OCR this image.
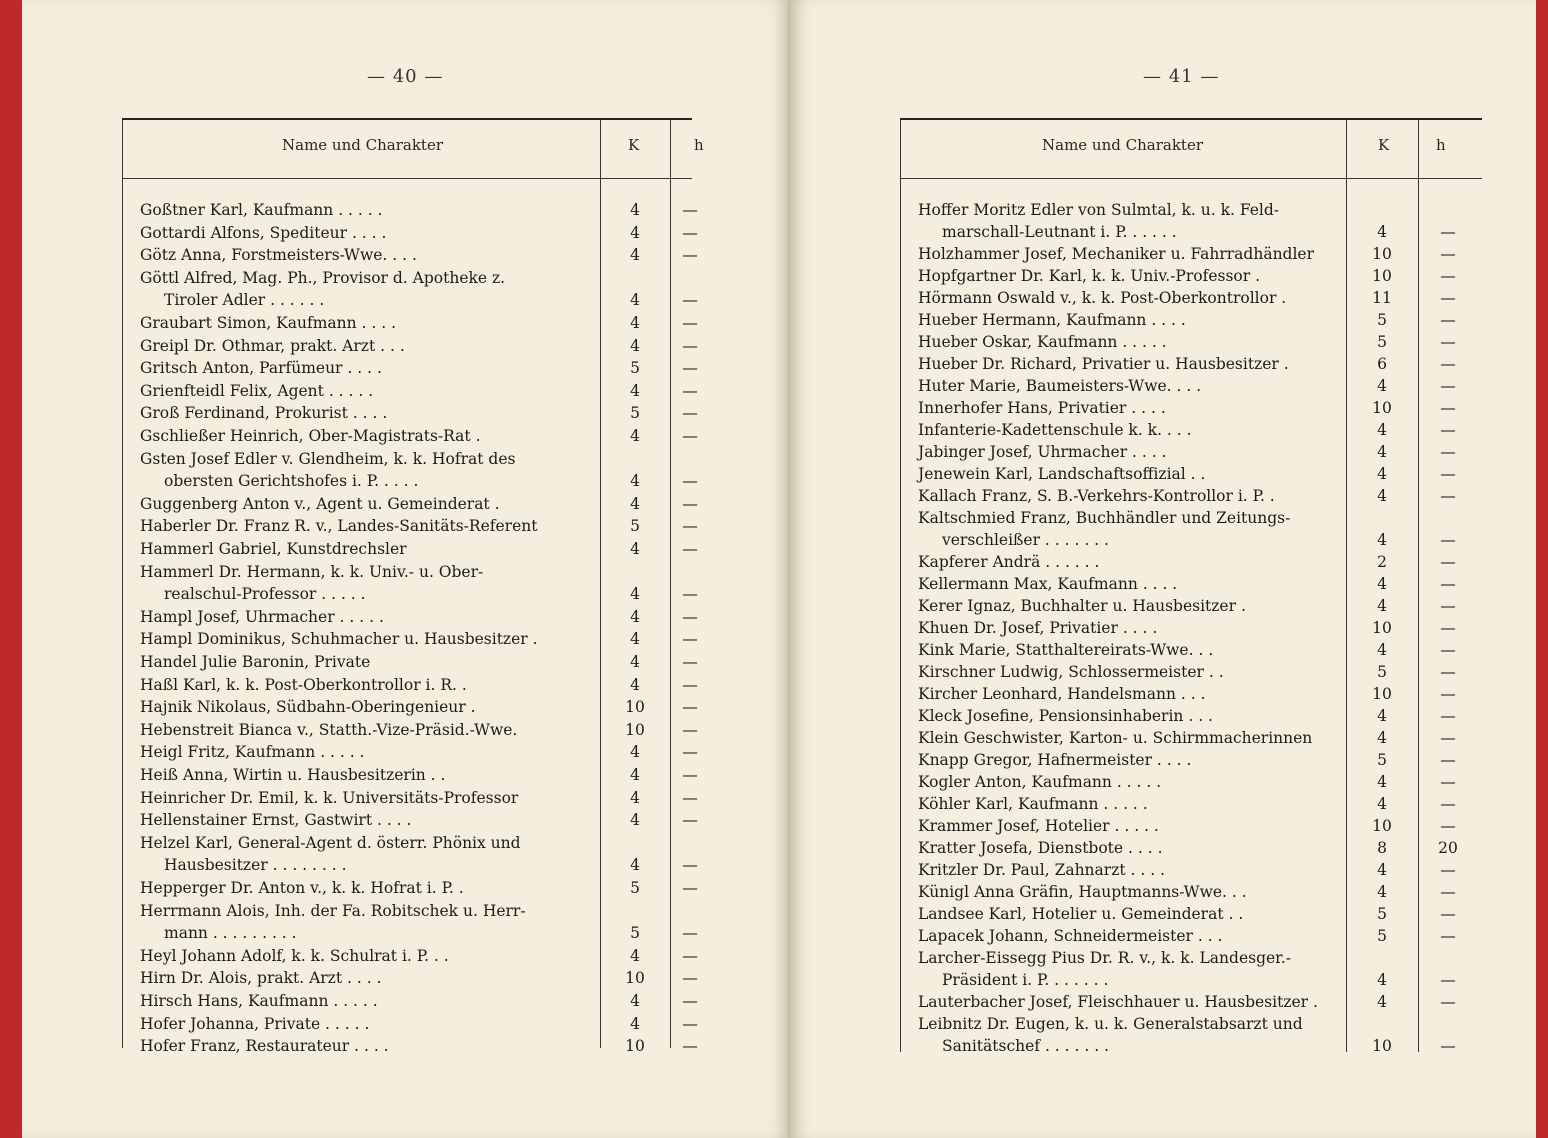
— 40 —
Name und Charakter	K	h
Goßtner Karl, Kaufmann . . . . .	4	—
Gottardi Alfons, Spediteur . . . .	4	—
Götz Anna, Forstmeisters-Wwe. . . .	4	—
Göttl Alfred, Mag. Ph., Provisor d. Apotheke z.
Tiroler Adler . . . . . .	4	—
Graubart Simon, Kaufmann . . . .	4	—
Greipl Dr. Othmar, prakt. Arzt . . .	4	—
Gritsch Anton, Parfümeur . . . .	5	—
Grienfteidl Felix, Agent . . . . .	4	—
Groß Ferdinand, Prokurist . . . .	5	—
Gschließer Heinrich, Ober-Magistrats-Rat .	4	—
Gsten Josef Edler v. Glendheim, k. k. Hofrat des
obersten Gerichtshofes i. P. . . . .	4	—
Guggenberg Anton v., Agent u. Gemeinderat .	4	—
Haberler Dr. Franz R. v., Landes-Sanitäts-Referent	5	—
Hammerl Gabriel, Kunstdrechsler	4	—
Hammerl Dr. Hermann, k. k. Univ.- u. Ober-
realschul-Professor . . . . .	4	—
Hampl Josef, Uhrmacher . . . . .	4	—
Hampl Dominikus, Schuhmacher u. Hausbesitzer .	4	—
Handel Julie Baronin, Private	4	—
Haßl Karl, k. k. Post-Oberkontrollor i. R. .	4	—
Hajnik Nikolaus, Südbahn-Oberingenieur .	10	—
Hebenstreit Bianca v., Statth.-Vize-Präsid.-Wwe.	10	—
Heigl Fritz, Kaufmann . . . . .	4	—
Heiß Anna, Wirtin u. Hausbesitzerin . .	4	—
Heinricher Dr. Emil, k. k. Universitäts-Professor	4	—
Hellenstainer Ernst, Gastwirt . . . .	4	—
Helzel Karl, General-Agent d. österr. Phönix und
Hausbesitzer . . . . . . . .	4	—
Hepperger Dr. Anton v., k. k. Hofrat i. P. .	5	—
Herrmann Alois, Inh. der Fa. Robitschek u. Herr-
mann . . . . . . . . .	5	—
Heyl Johann Adolf, k. k. Schulrat i. P. . .	4	—
Hirn Dr. Alois, prakt. Arzt . . . .	10	—
Hirsch Hans, Kaufmann . . . . .	4	—
Hofer Johanna, Private . . . . .	4	—
Hofer Franz, Restaurateur . . . .	10	—
— 41 —
Name und Charakter	K	h
Hoffer Moritz Edler von Sulmtal, k. u. k. Feld-
marschall-Leutnant i. P. . . . . .	4	—
Holzhammer Josef, Mechaniker u. Fahrradhändler	10	—
Hopfgartner Dr. Karl, k. k. Univ.-Professor .	10	—
Hörmann Oswald v., k. k. Post-Oberkontrollor .	11	—
Hueber Hermann, Kaufmann . . . .	5	—
Hueber Oskar, Kaufmann . . . . .	5	—
Hueber Dr. Richard, Privatier u. Hausbesitzer .	6	—
Huter Marie, Baumeisters-Wwe. . . .	4	—
Innerhofer Hans, Privatier . . . .	10	—
Infanterie-Kadettenschule k. k. . . .	4	—
Jabinger Josef, Uhrmacher . . . .	4	—
Jenewein Karl, Landschaftsoffizial . .	4	—
Kallach Franz, S. B.-Verkehrs-Kontrollor i. P. .	4	—
Kaltschmied Franz, Buchhändler und Zeitungs-
verschleißer . . . . . . .	4	—
Kapferer Andrä . . . . . .	2	—
Kellermann Max, Kaufmann . . . .	4	—
Kerer Ignaz, Buchhalter u. Hausbesitzer .	4	—
Khuen Dr. Josef, Privatier . . . .	10	—
Kink Marie, Statthaltereirats-Wwe. . .	4	—
Kirschner Ludwig, Schlossermeister . .	5	—
Kircher Leonhard, Handelsmann . . .	10	—
Kleck Josefine, Pensionsinhaberin . . .	4	—
Klein Geschwister, Karton- u. Schirmmacherinnen	4	—
Knapp Gregor, Hafnermeister . . . .	5	—
Kogler Anton, Kaufmann . . . . .	4	—
Köhler Karl, Kaufmann . . . . .	4	—
Krammer Josef, Hotelier . . . . .	10	—
Kratter Josefa, Dienstbote . . . .	8	20
Kritzler Dr. Paul, Zahnarzt . . . .	4	—
Künigl Anna Gräfin, Hauptmanns-Wwe. . .	4	—
Landsee Karl, Hotelier u. Gemeinderat . .	5	—
Lapacek Johann, Schneidermeister . . .	5	—
Larcher-Eissegg Pius Dr. R. v., k. k. Landesger.-
Präsident i. P. . . . . . .	4	—
Lauterbacher Josef, Fleischhauer u. Hausbesitzer .	4	—
Leibnitz Dr. Eugen, k. u. k. Generalstabsarzt und
Sanitätschef . . . . . . .	10	—
